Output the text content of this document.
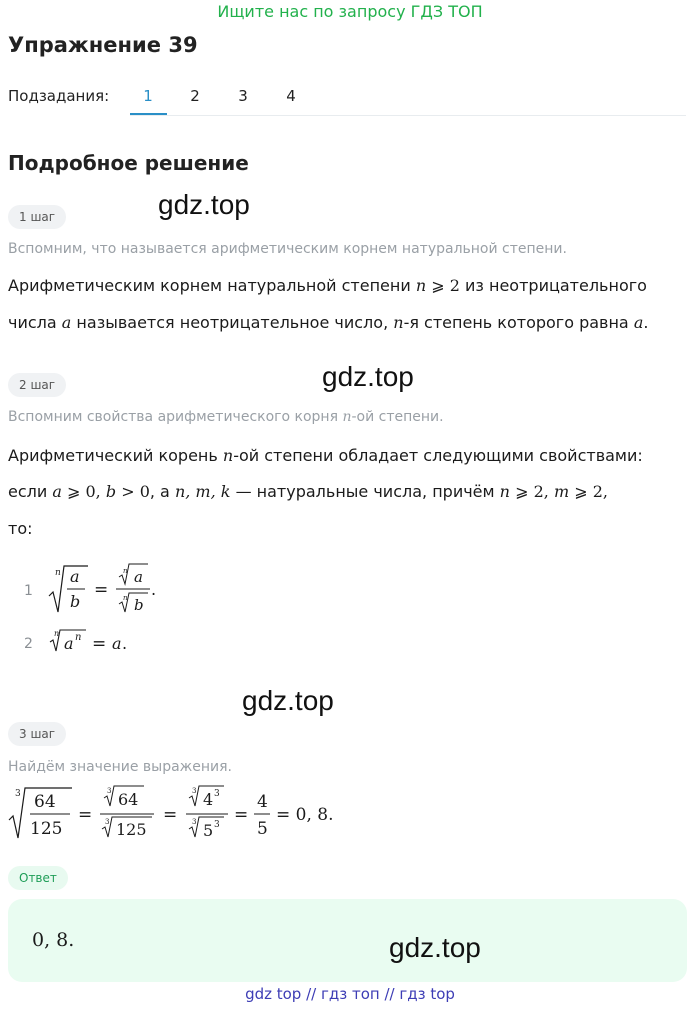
Ищите нас по запросу ГДЗ ТОП
Упражнение 39
Подзадания:	1	2	3	4
Подробное решение
1 шаг	gdz.top
Вспомним, что называется арифметическим корнем натуральной степени.
Арифметическим корнем натуральной степени n ⩾ 2 из неотрицательного
числа a называется неотрицательное число, n-я степень которого равна a.
2 шаг	gdz.top
Вспомним свойства арифметического корня n-ой степени.
Арифметический корень n-ой степени обладает следующими свойствами:
если a ⩾ 0, b > 0, а n, m, k — натуральные числа, причём n ⩾ 2, m ⩾ 2,
то:
1
n a
b
=
n a
n b
.
2
n
a n = a .
gdz.top
3 шаг
Найдём значение выражения.
3 64
125
=
3 64
3 125
=
3 4 3
3 5 3 =
4
5
= 0, 8.
Ответ
0, 8.	gdz.top
gdz top // гдз топ // гдз top
